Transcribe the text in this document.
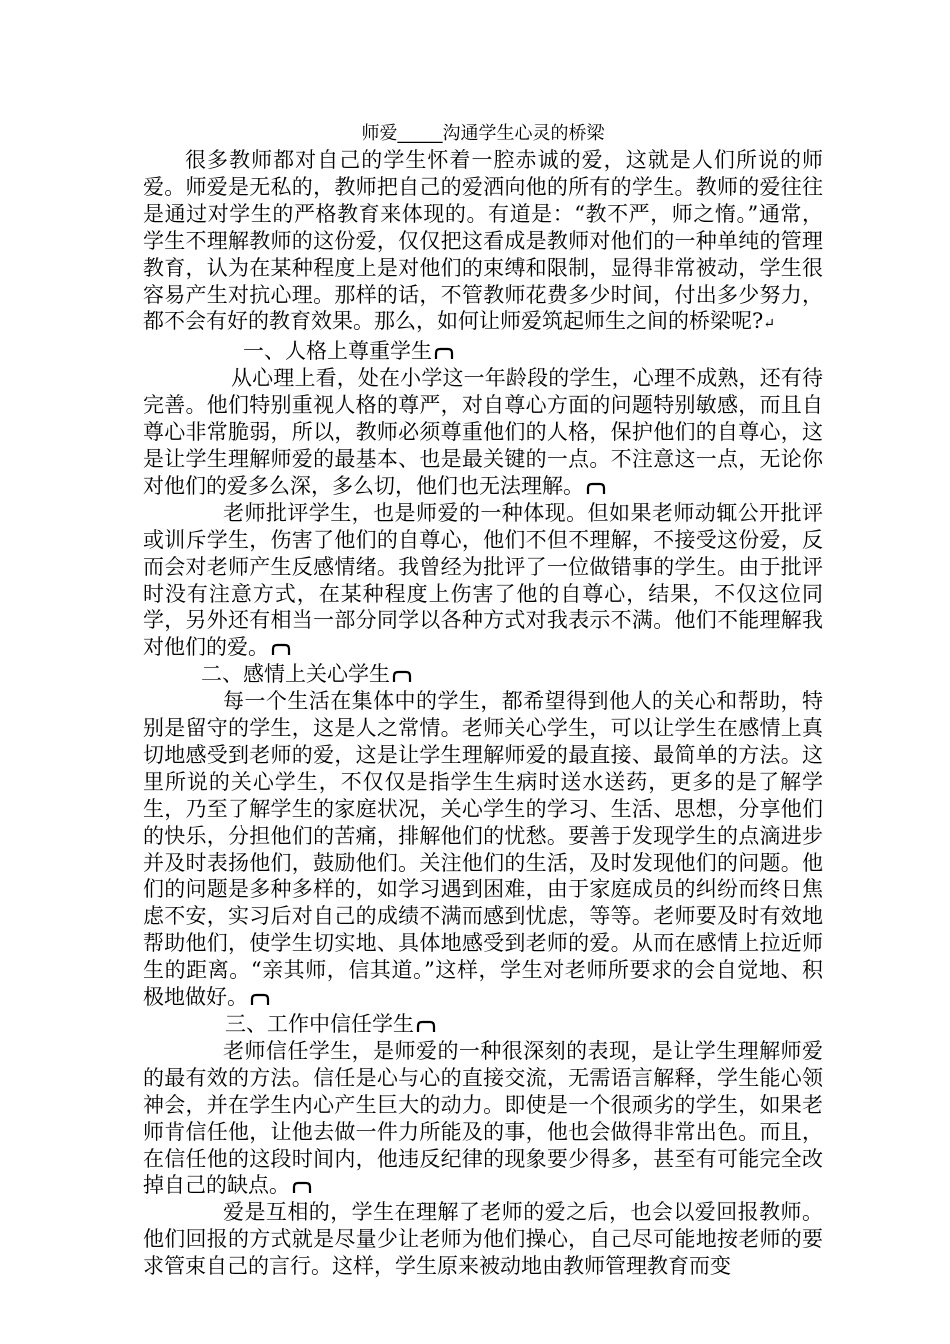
师爱_____沟通学生心灵的桥梁

很多教师都对自己的学生怀着一腔赤诚的爱，这就是人们所说的师爱。师爱是无私的，教师把自己的爱洒向他的所有的学生。教师的爱往往是通过对学生的严格教育来体现的。有道是：“教不严，师之惰。”通常，学生不理解教师的这份爱，仅仅把这看成是教师对他们的一种单纯的管理教育，认为在某种程度上是对他们的束缚和限制，显得非常被动，学生很容易产生对抗心理。那样的话，不管教师花费多少时间，付出多少努力，都不会有好的教育效果。那么，如何让师爱筑起师生之间的桥梁呢?↵

一、人格上尊重学生

从心理上看，处在小学这一年龄段的学生，心理不成熟，还有待完善。他们特别重视人格的尊严，对自尊心方面的问题特别敏感，而且自尊心非常脆弱，所以，教师必须尊重他们的人格，保护他们的自尊心，这是让学生理解师爱的最基本、也是最关键的一点。不注意这一点，无论你对他们的爱多么深，多么切，他们也无法理解。

老师批评学生，也是师爱的一种体现。但如果老师动辄公开批评或训斥学生，伤害了他们的自尊心，他们不但不理解，不接受这份爱，反而会对老师产生反感情绪。我曾经为批评了一位做错事的学生。由于批评时没有注意方式，在某种程度上伤害了他的自尊心，结果，不仅这位同学，另外还有相当一部分同学以各种方式对我表示不满。他们不能理解我对他们的爱。

二、感情上关心学生

每一个生活在集体中的学生，都希望得到他人的关心和帮助，特别是留守的学生，这是人之常情。老师关心学生，可以让学生在感情上真切地感受到老师的爱，这是让学生理解师爱的最直接、最简单的方法。这里所说的关心学生，不仅仅是指学生生病时送水送药，更多的是了解学生，乃至了解学生的家庭状况，关心学生的学习、生活、思想，分享他们的快乐，分担他们的苦痛，排解他们的忧愁。要善于发现学生的点滴进步并及时表扬他们，鼓励他们。关注他们的生活，及时发现他们的问题。他们的问题是多种多样的，如学习遇到困难，由于家庭成员的纠纷而终日焦虑不安，实习后对自己的成绩不满而感到忧虑，等等。老师要及时有效地帮助他们，使学生切实地、具体地感受到老师的爱。从而在感情上拉近师生的距离。“亲其师，信其道。”这样，学生对老师所要求的会自觉地、积极地做好。

三、工作中信任学生

老师信任学生，是师爱的一种很深刻的表现，是让学生理解师爱的最有效的方法。信任是心与心的直接交流，无需语言解释，学生能心领神会，并在学生内心产生巨大的动力。即使是一个很顽劣的学生，如果老师肯信任他，让他去做一件力所能及的事，他也会做得非常出色。而且，在信任他的这段时间内，他违反纪律的现象要少得多，甚至有可能完全改掉自己的缺点。

爱是互相的，学生在理解了老师的爱之后，也会以爱回报教师。他们回报的方式就是尽量少让老师为他们操心，自己尽可能地按老师的要求管束自己的言行。这样，学生原来被动地由教师管理教育而变
